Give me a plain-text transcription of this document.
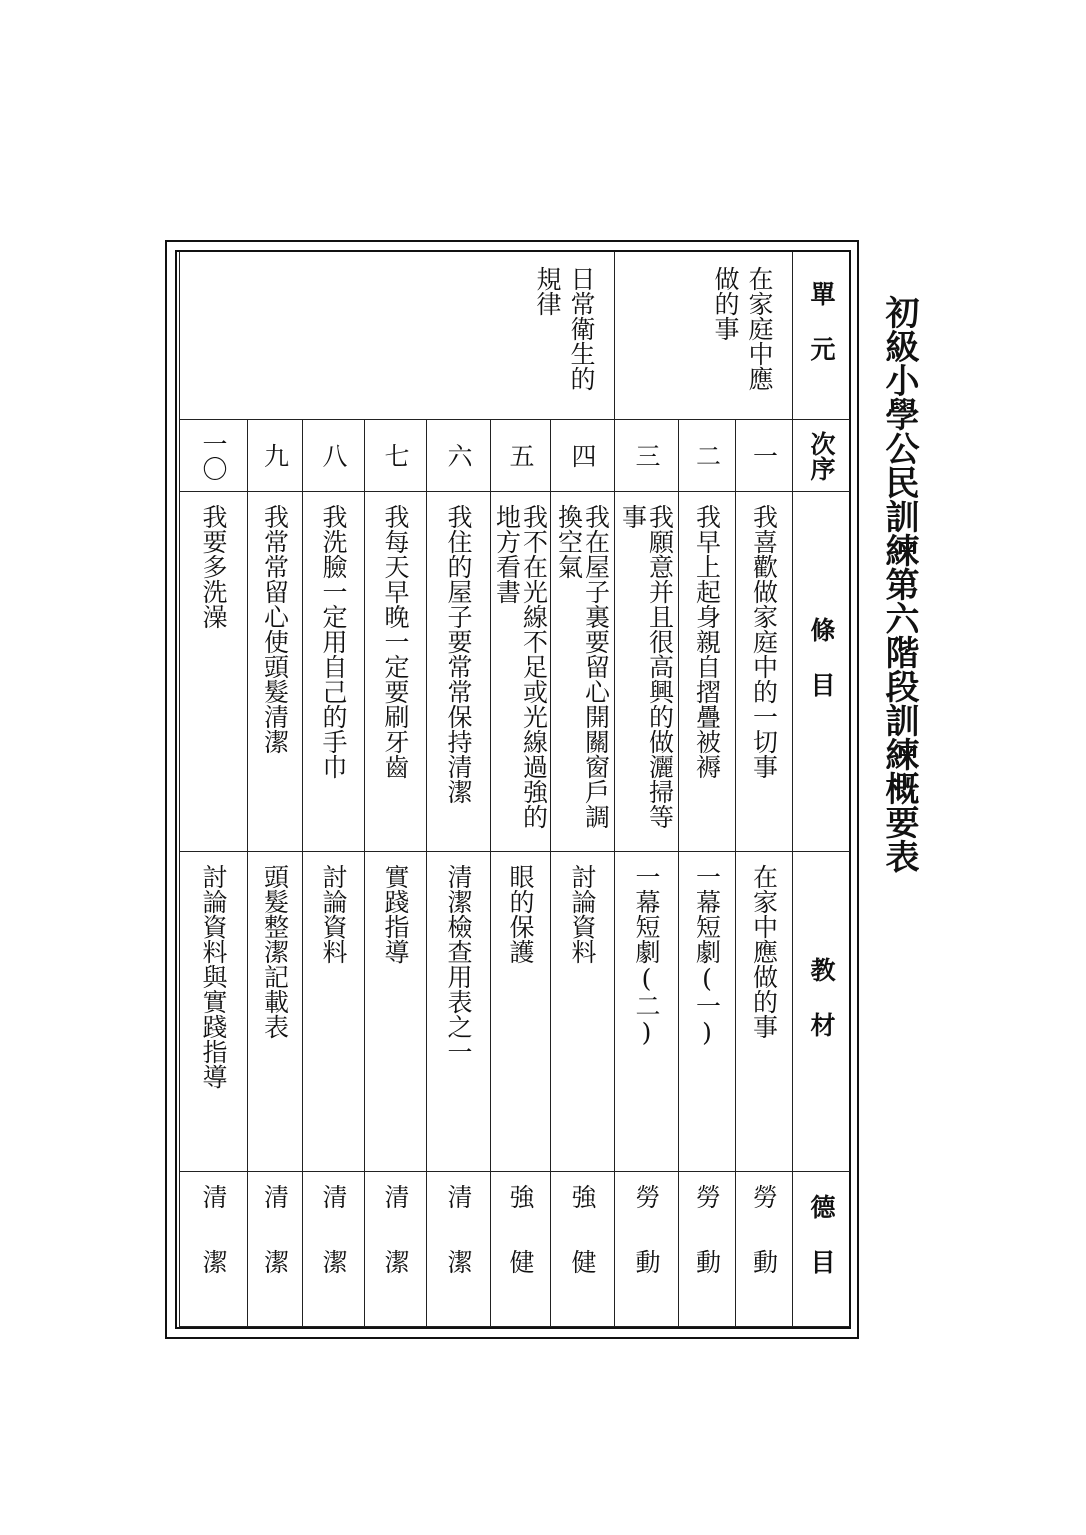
初級小學公民訓練第六階段訓練概要表
單元
次序
條目
教材
德目
在家庭中應做的事
日常衛生的規律
一
我喜歡做家庭中的一切事
在家中應做的事
勞動
二
我早上起身親自摺疊被褥
一幕短劇(一)
勞動
三
我願意并且很高興的做灑掃等事
一幕短劇(二)
勞動
四
我在屋子裏要留心開關窗戶調換空氣
討論資料
強健
五
我不在光線不足或光線過強的地方看書
眼的保護
強健
六
我住的屋子要常常保持清潔
清潔檢查用表之一
清潔
七
我每天早晚一定要刷牙齒
實踐指導
清潔
八
我洗臉一定用自己的手巾
討論資料
清潔
九
我常常留心使頭髮清潔
頭髮整潔記載表
清潔
一〇
我要多洗澡
討論資料與實踐指導
清潔
